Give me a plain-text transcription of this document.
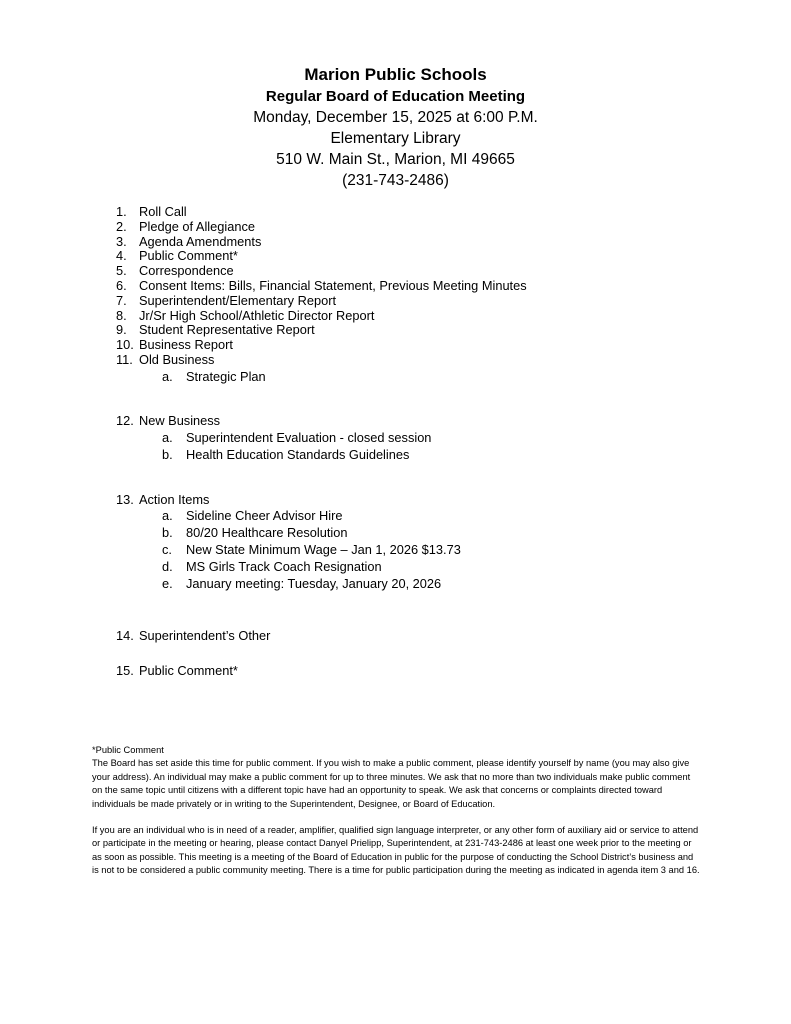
Marion Public Schools
Regular Board of Education Meeting
Monday, December 15, 2025 at 6:00 P.M.
Elementary Library
510 W. Main St., Marion, MI 49665
(231-743-2486)
1. Roll Call
2. Pledge of Allegiance
3. Agenda Amendments
4. Public Comment*
5. Correspondence
6. Consent Items: Bills, Financial Statement, Previous Meeting Minutes
7. Superintendent/Elementary Report
8. Jr/Sr High School/Athletic Director Report
9. Student Representative Report
10. Business Report
11. Old Business
a. Strategic Plan
12. New Business
a. Superintendent Evaluation - closed session
b. Health Education Standards Guidelines
13. Action Items
a. Sideline Cheer Advisor Hire
b. 80/20 Healthcare Resolution
c. New State Minimum Wage – Jan 1, 2026 $13.73
d. MS Girls Track Coach Resignation
e. January meeting: Tuesday, January 20, 2026
14. Superintendent’s Other
15. Public Comment*

*Public Comment

The Board has set aside this time for public comment. If you wish to make a public comment, please identify yourself by name (you may also give your address). An individual may make a public comment for up to three minutes. We ask that no more than two individuals make public comment on the same topic until citizens with a different topic have had an opportunity to speak. We ask that concerns or complaints directed toward individuals be made privately or in writing to the Superintendent, Designee, or Board of Education.

If you are an individual who is in need of a reader, amplifier, qualified sign language interpreter, or any other form of auxiliary aid or service to attend or participate in the meeting or hearing, please contact Danyel Prielipp, Superintendent, at 231-743-2486 at least one week prior to the meeting or as soon as possible. This meeting is a meeting of the Board of Education in public for the purpose of conducting the School District’s business and is not to be considered a public community meeting. There is a time for public participation during the meeting as indicated in agenda item 3 and 16.
